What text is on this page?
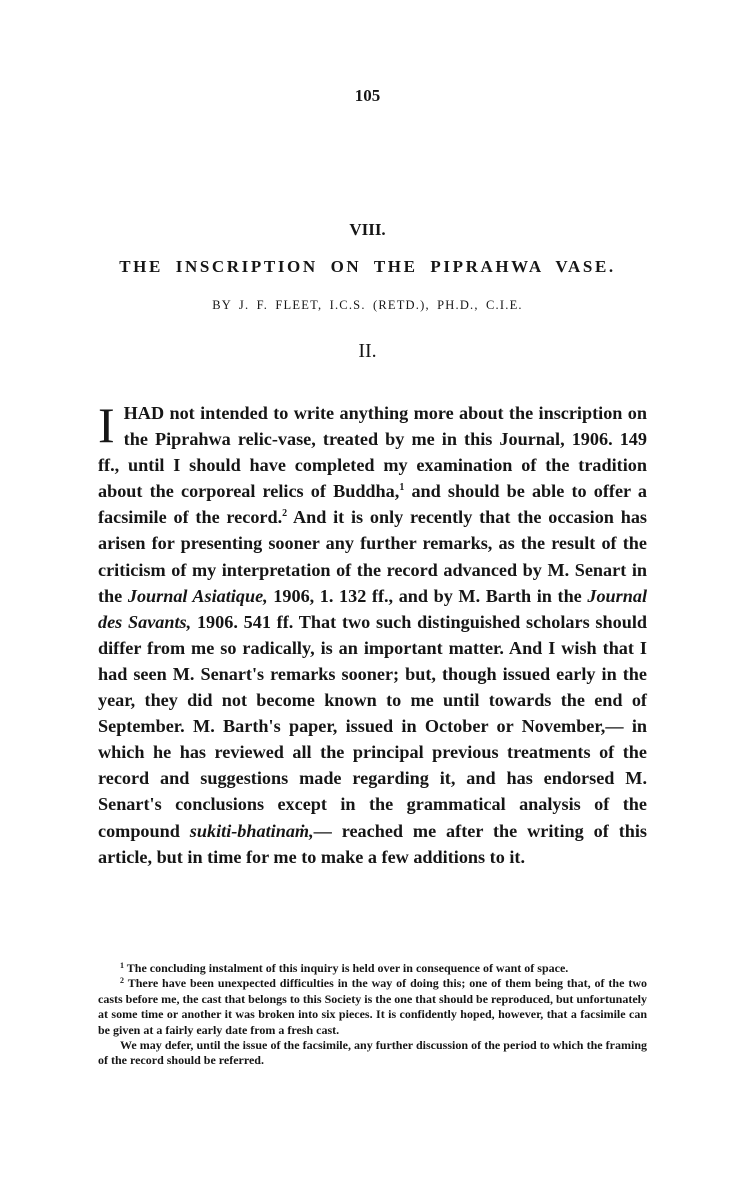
105
VIII.
THE INSCRIPTION ON THE PIPRAHWA VASE.
BY J. F. FLEET, I.C.S. (RETD.), PH.D., C.I.E.
II.

I HAD not intended to write anything more about the inscription on the Piprahwa relic-vase, treated by me in this Journal, 1906. 149 ff., until I should have completed my examination of the tradition about the corporeal relics of Buddha,$^1$ and should be able to offer a facsimile of the record.$^2$ And it is only recently that the occasion has arisen for presenting sooner any further remarks, as the result of the criticism of my interpretation of the record advanced by M. Senart in the Journal Asiatique, 1906, 1. 132 ff., and by M. Barth in the Journal des Savants, 1906. 541 ff. That two such distinguished scholars should differ from me so radically, is an important matter. And I wish that I had seen M. Senart's remarks sooner; but, though issued early in the year, they did not become known to me until towards the end of September. M. Barth's paper, issued in October or November,— in which he has reviewed all the principal previous treatments of the record and suggestions made regarding it, and has endorsed M. Senart's conclusions except in the grammatical analysis of the compound sukiti-bhatinaṁ,— reached me after the writing of this article, but in time for me to make a few additions to it.

$^1$ The concluding instalment of this inquiry is held over in consequence of want of space.

$^2$ There have been unexpected difficulties in the way of doing this; one of them being that, of the two casts before me, the cast that belongs to this Society is the one that should be reproduced, but unfortunately at some time or another it was broken into six pieces. It is confidently hoped, however, that a facsimile can be given at a fairly early date from a fresh cast.

We may defer, until the issue of the facsimile, any further discussion of the period to which the framing of the record should be referred.
